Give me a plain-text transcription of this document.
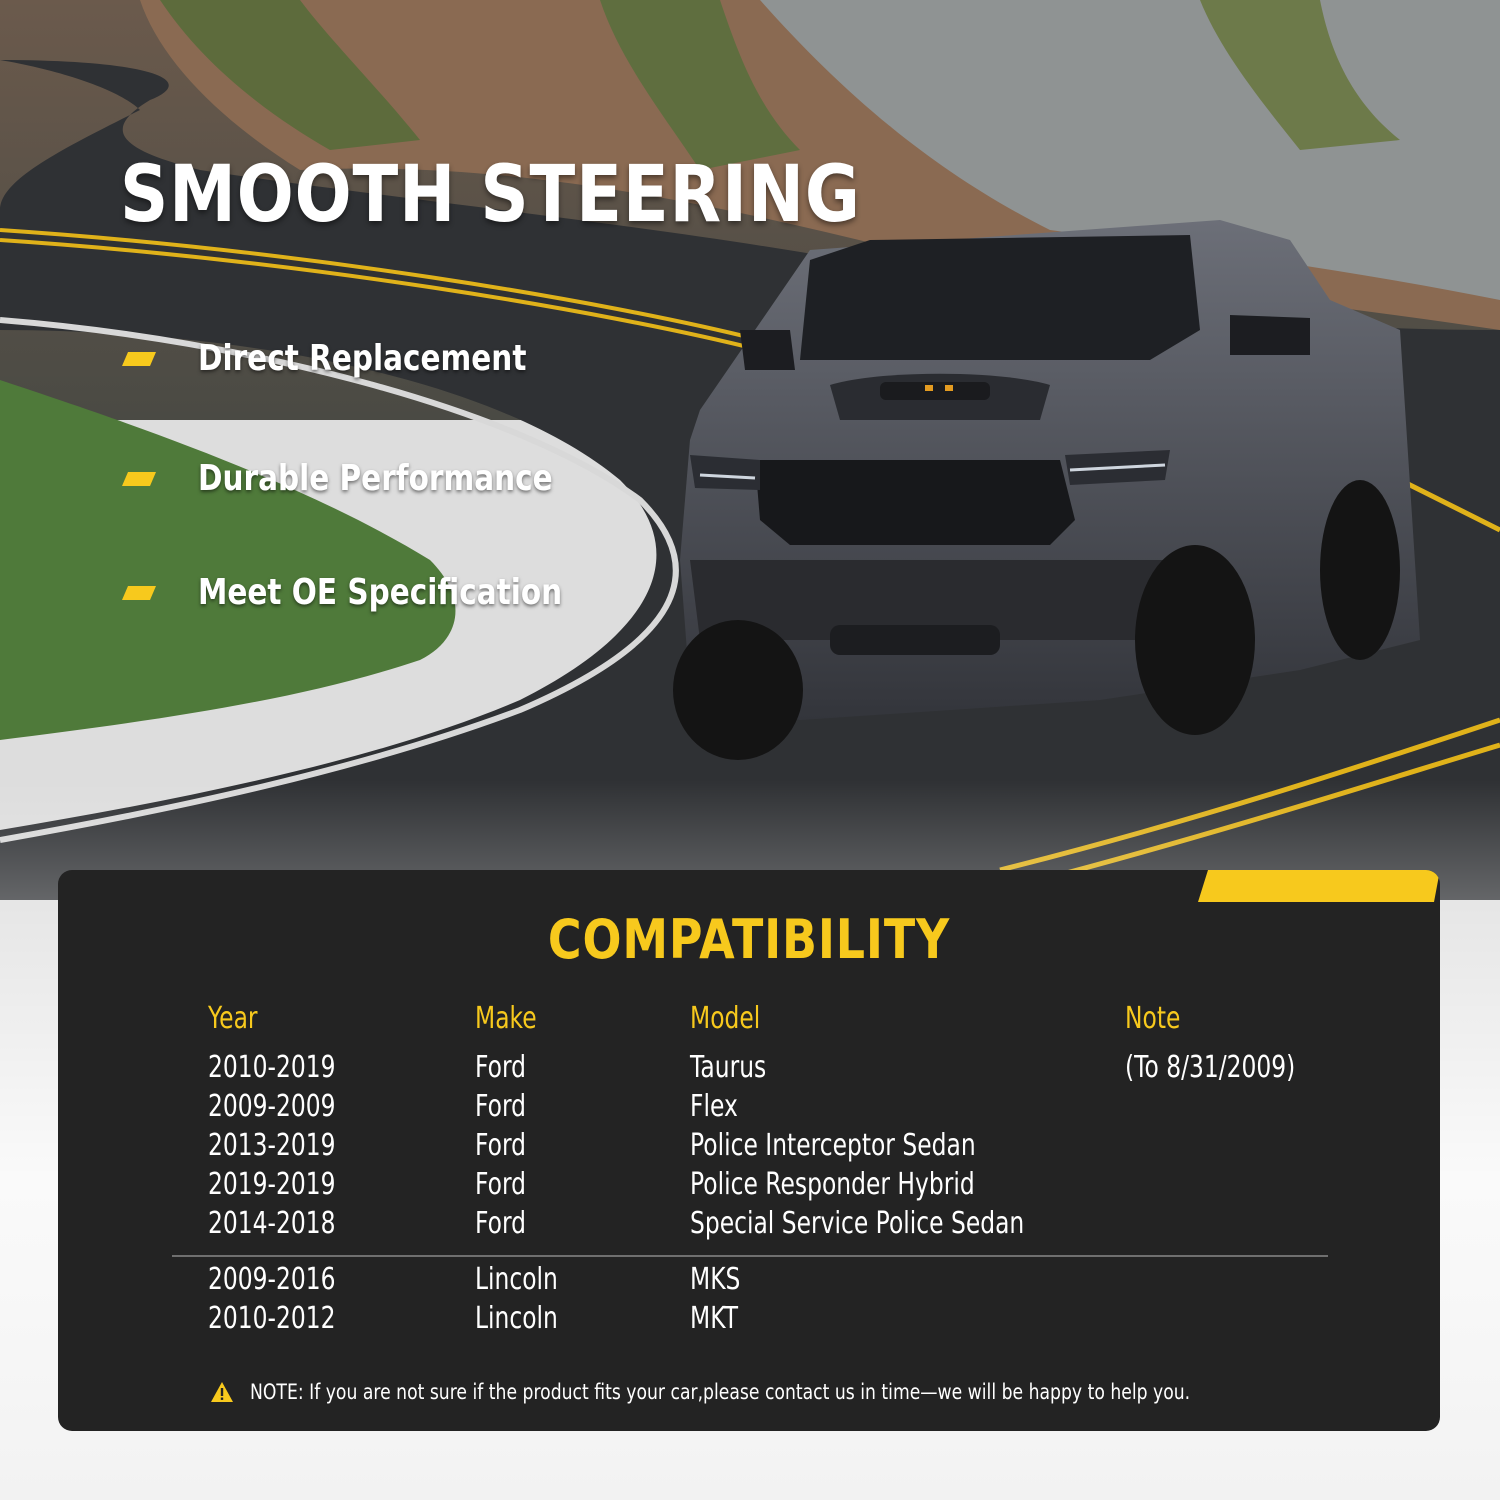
SMOOTH STEERING
Direct Replacement
Durable Performance
Meet OE Specification
COMPATIBILITY
Year	Make	Model	Note
2010-2019	Ford	Taurus	(To 8/31/2009)
2009-2009	Ford	Flex
2013-2019	Ford	Police Interceptor Sedan
2019-2019	Ford	Police Responder Hybrid
2014-2018	Ford	Special Service Police Sedan
2009-2016	Lincoln	MKS
2010-2012	Lincoln	MKT
NOTE: If you are not sure if the product fits your car,please contact us in time—we will be happy to help you.
